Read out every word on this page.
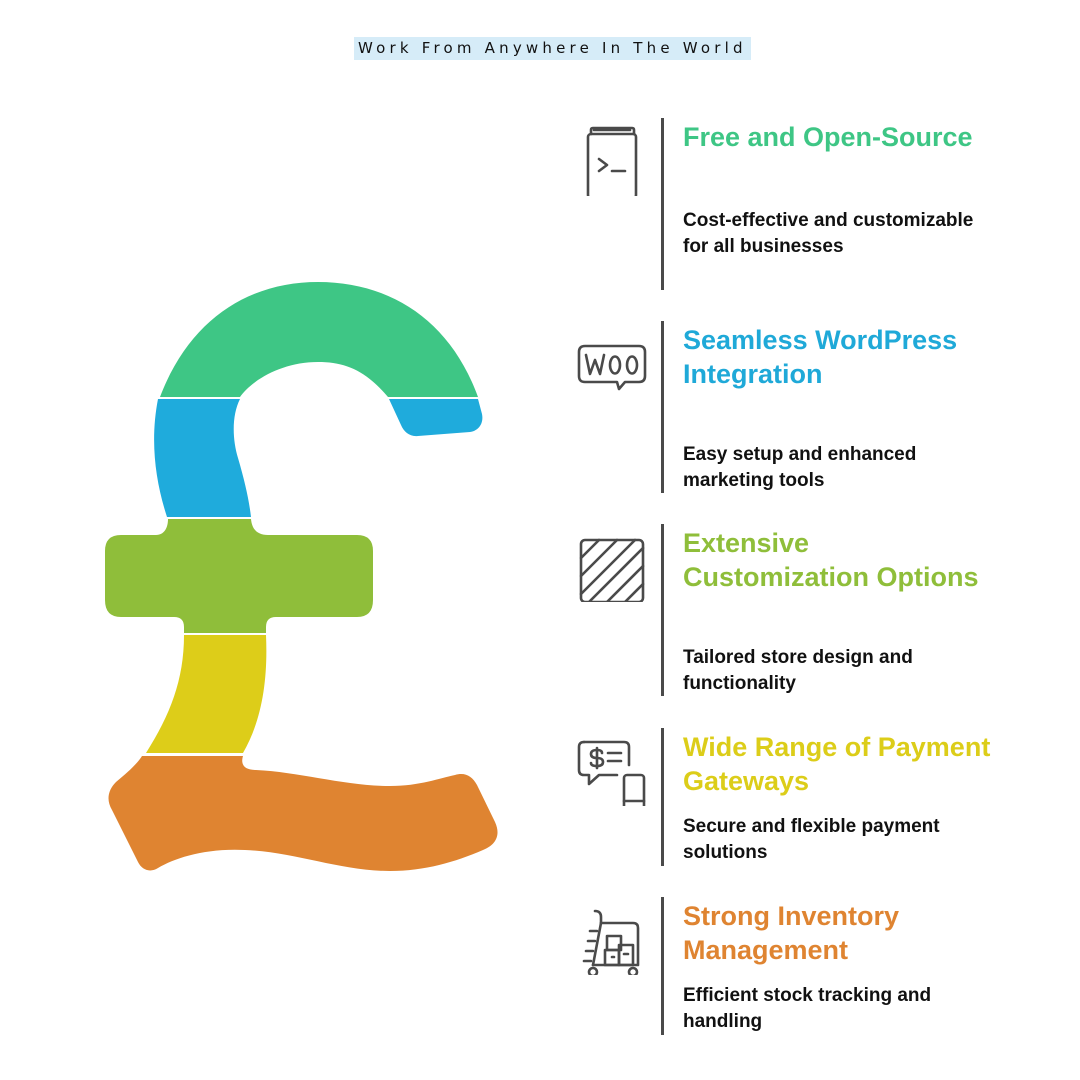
Work From Anywhere In The World
Free and Open-Source

Cost-effective and customizable for all businesses

Seamless WordPress Integration

Easy setup and enhanced marketing tools

Extensive Customization Options

Tailored store design and functionality

Wide Range of Payment Gateways

Secure and flexible payment solutions

Strong Inventory Management

Efficient stock tracking and handling
